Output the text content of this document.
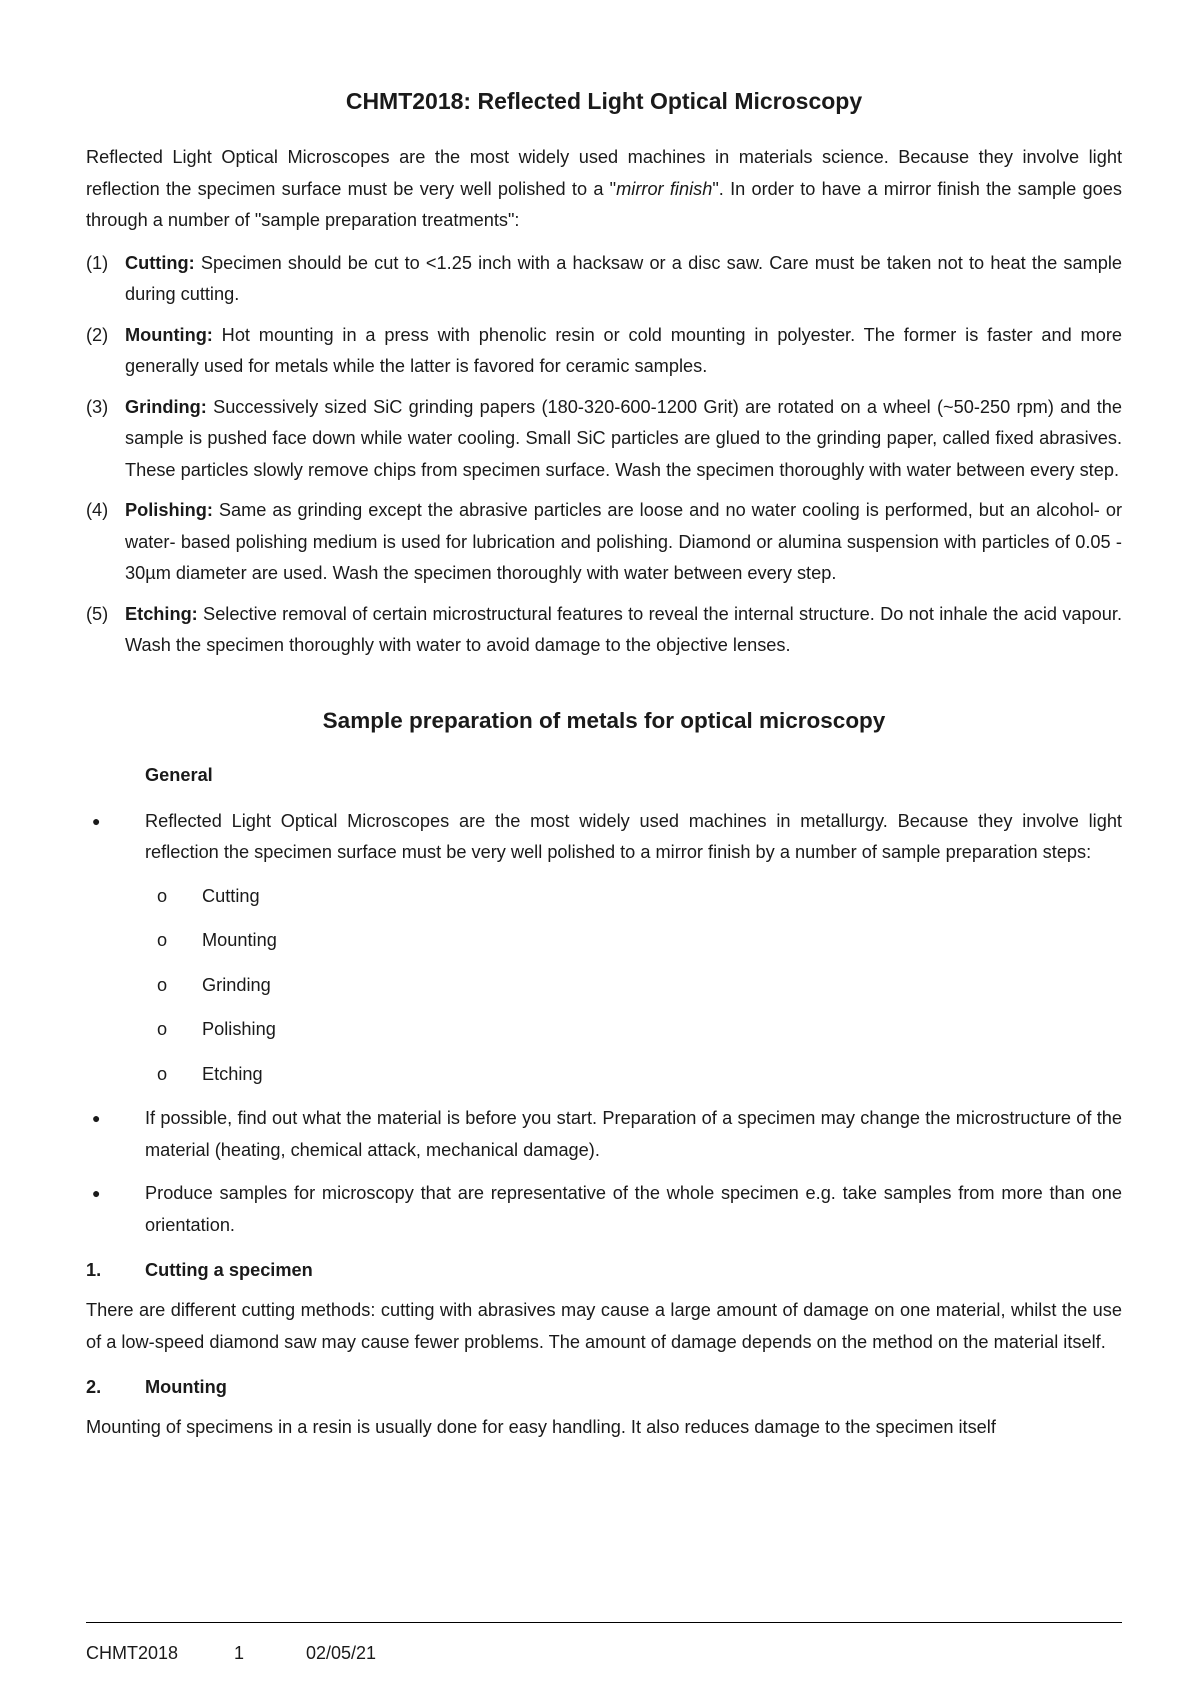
CHMT2018: Reflected Light Optical Microscopy

Reflected Light Optical Microscopes are the most widely used machines in materials science. Because they involve light reflection the specimen surface must be very well polished to a "mirror finish". In order to have a mirror finish the sample goes through a number of "sample preparation treatments":

(1) Cutting: Specimen should be cut to <1.25 inch with a hacksaw or a disc saw. Care must be taken not to heat the sample during cutting.
(2) Mounting: Hot mounting in a press with phenolic resin or cold mounting in polyester. The former is faster and more generally used for metals while the latter is favored for ceramic samples.
(3) Grinding: Successively sized SiC grinding papers (180-320-600-1200 Grit) are rotated on a wheel (~50-250 rpm) and the sample is pushed face down while water cooling. Small SiC particles are glued to the grinding paper, called fixed abrasives. These particles slowly remove chips from specimen surface. Wash the specimen thoroughly with water between every step.
(4) Polishing: Same as grinding except the abrasive particles are loose and no water cooling is performed, but an alcohol- or water- based polishing medium is used for lubrication and polishing. Diamond or alumina suspension with particles of 0.05 - 30µm diameter are used. Wash the specimen thoroughly with water between every step.
(5) Etching: Selective removal of certain microstructural features to reveal the internal structure. Do not inhale the acid vapour. Wash the specimen thoroughly with water to avoid damage to the objective lenses.
Sample preparation of metals for optical microscopy
General
●	Reflected Light Optical Microscopes are the most widely used machines in metallurgy. Because they involve light reflection the specimen surface must be very well polished to a mirror finish by a number of sample preparation steps:
o	Cutting
o	Mounting
o	Grinding
o	Polishing
o	Etching
●	If possible, find out what the material is before you start. Preparation of a specimen may change the microstructure of the material (heating, chemical attack, mechanical damage).
●	Produce samples for microscopy that are representative of the whole specimen e.g. take samples from more than one orientation.
1.	Cutting a specimen

There are different cutting methods: cutting with abrasives may cause a large amount of damage on one material, whilst the use of a low-speed diamond saw may cause fewer problems. The amount of damage depends on the method on the material itself.

2.	Mounting

Mounting of specimens in a resin is usually done for easy handling. It also reduces damage to the specimen itself

CHMT2018	1	02/05/21
